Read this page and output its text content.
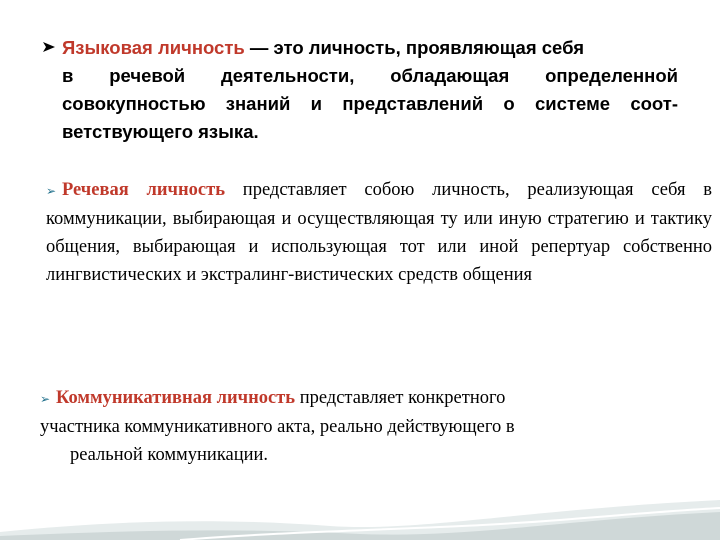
Языковая личность — это личность, проявляющая себя
в речевой деятельности, обладающая определенной совокупностью знаний и представлений о системе соот-ветствующего языка.
➢ Речевая личность представляет собою личность, реализующая себя в коммуникации, выбирающая и осуществляющая ту или иную стратегию и тактику общения, выбирающая и использующая тот или иной репертуар собственно лингвистических и экстралинг-вистических средств общения
➢ Коммуникативная личность представляет конкретного
участника коммуникативного акта, реально действующего в
реальной коммуникации.
